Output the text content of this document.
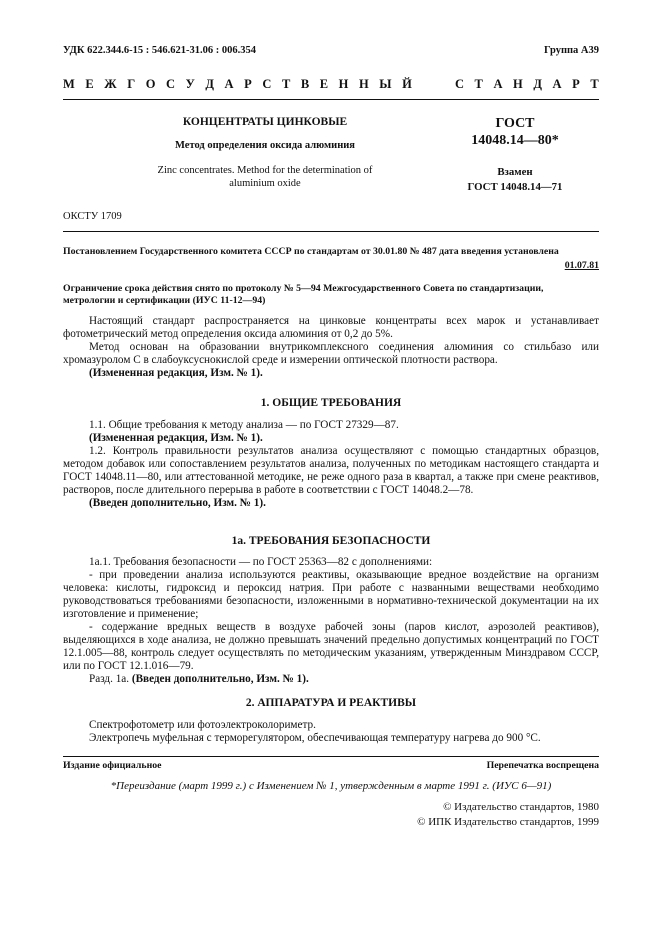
УДК 622.344.6-15 : 546.621-31.06 : 006.354	Группа А39
М Е Ж Г О С У Д А Р С Т В Е Н Н Ы Й	С Т А Н Д А Р Т
КОНЦЕНТРАТЫ ЦИНКОВЫЕ
Метод определения оксида алюминия
Zinc concentrates. Method for the determination of
aluminium oxide
ГОСТ
14048.14—80*
Взамен
ГОСТ 14048.14—71
ОКСТУ 1709
Постановлением Государственного комитета СССР по стандартам от 30.01.80 № 487 дата введения установлена
01.07.81
Ограничение срока действия снято по протоколу № 5—94 Межгосударственного Совета по стандартизации,
метрологии и сертификации (ИУС 11-12—94)

Настоящий стандарт распространяется на цинковые концентраты всех марок и устанавливает фотометрический метод определения оксида алюминия от 0,2 до 5%.

Метод основан на образовании внутрикомплексного соединения алюминия со стильбазо или хромазуролом С в слабоуксуснокислой среде и измерении оптической плотности раствора.

(Измененная редакция, Изм. № 1).

1. ОБЩИЕ ТРЕБОВАНИЯ

1.1. Общие требования к методу анализа — по ГОСТ 27329—87.

(Измененная редакция, Изм. № 1).

1.2. Контроль правильности результатов анализа осуществляют с помощью стандартных образцов, методом добавок или сопоставлением результатов анализа, полученных по методикам настоящего стандарта и ГОСТ 14048.11—80, или аттестованной методике, не реже одного раза в квартал, а также при смене реактивов, растворов, после длительного перерыва в работе в соответствии с ГОСТ 14048.2—78.

(Введен дополнительно, Изм. № 1).

1а. ТРЕБОВАНИЯ БЕЗОПАСНОСТИ

1а.1. Требования безопасности — по ГОСТ 25363—82 с дополнениями:

- при проведении анализа используются реактивы, оказывающие вредное воздействие на организм человека: кислоты, гидроксид и пероксид натрия. При работе с названными веществами необходимо руководствоваться требованиями безопасности, изложенными в нормативно-технической документации на их изготовление и применение;

- содержание вредных веществ в воздухе рабочей зоны (паров кислот, аэрозолей реактивов), выделяющихся в ходе анализа, не должно превышать значений предельно допустимых концентраций по ГОСТ 12.1.005—88, контроль следует осуществлять по методическим указаниям, утвержденным Минздравом СССР, или по ГОСТ 12.1.016—79.

Разд. 1а. (Введен дополнительно, Изм. № 1).

2. АППАРАТУРА И РЕАКТИВЫ

Спектрофотометр или фотоэлектроколориметр.

Электропечь муфельная с терморегулятором, обеспечивающая температуру нагрева до 900 °С.

Издание официальное	Перепечатка воспрещена
*Переиздание (март 1999 г.) с Изменением № 1, утвержденным в марте 1991 г. (ИУС 6—91)
© Издательство стандартов, 1980
© ИПК Издательство стандартов, 1999
